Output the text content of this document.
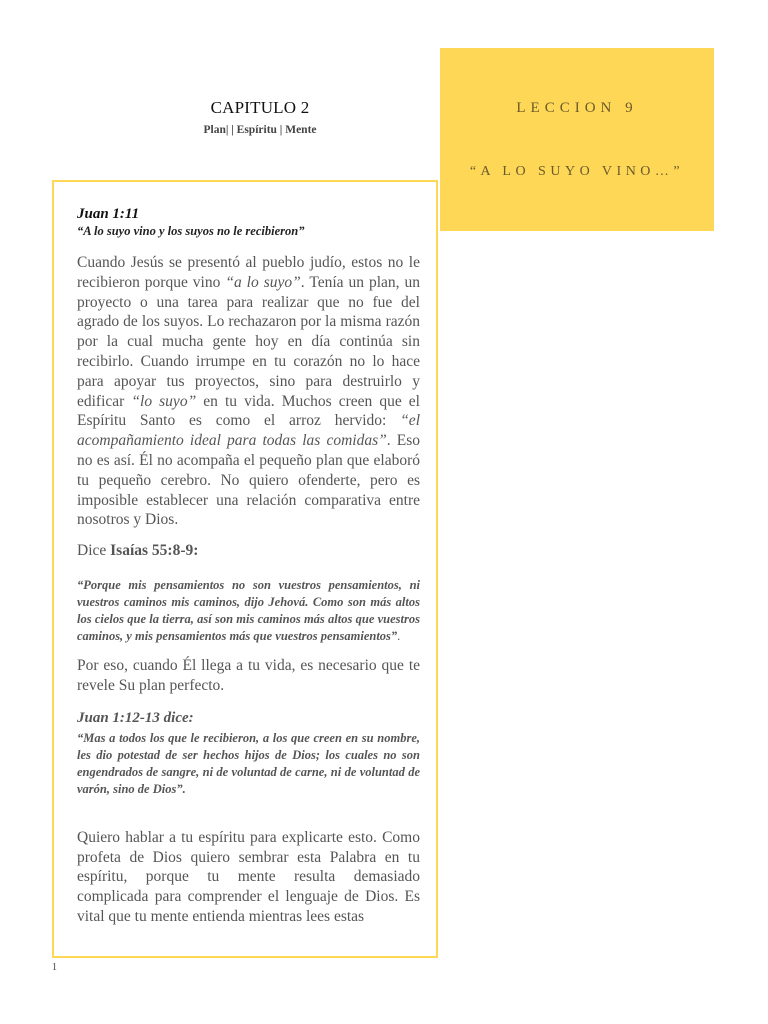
CAPITULO 2
Plan| | Espíritu | Mente
LECCION 9
“A LO SUYO VINO…”
Juan 1:11
“A lo suyo vino y los suyos no le recibieron”

Cuando Jesús se presentó al pueblo judío, estos no le recibieron porque vino “a lo suyo”. Tenía un plan, un proyecto o una tarea para realizar que no fue del agrado de los suyos. Lo rechazaron por la misma razón por la cual mucha gente hoy en día continúa sin recibirlo. Cuando irrumpe en tu corazón no lo hace para apoyar tus proyectos, sino para destruirlo y edificar “lo suyo” en tu vida. Muchos creen que el Espíritu Santo es como el arroz hervido: “el acompañamiento ideal para todas las comidas”. Eso no es así. Él no acompaña el pequeño plan que elaboró tu pequeño cerebro. No quiero ofenderte, pero es imposible establecer una relación comparativa entre nosotros y Dios.

Dice Isaías 55:8-9:
“Porque mis pensamientos no son vuestros pensamientos, ni vuestros caminos mis caminos, dijo Jehová. Como son más altos los cielos que la tierra, así son mis caminos más altos que vuestros caminos, y mis pensamientos más que vuestros pensamientos”.

Por eso, cuando Él llega a tu vida, es necesario que te revele Su plan perfecto.

Juan 1:12-13 dice:
“Mas a todos los que le recibieron, a los que creen en su nombre, les dio potestad de ser hechos hijos de Dios; los cuales no son engendrados de sangre, ni de voluntad de carne, ni de voluntad de varón, sino de Dios”.

Quiero hablar a tu espíritu para explicarte esto. Como profeta de Dios quiero sembrar esta Palabra en tu espíritu, porque tu mente resulta demasiado complicada para comprender el lenguaje de Dios. Es vital que tu mente entienda mientras lees estas

1
